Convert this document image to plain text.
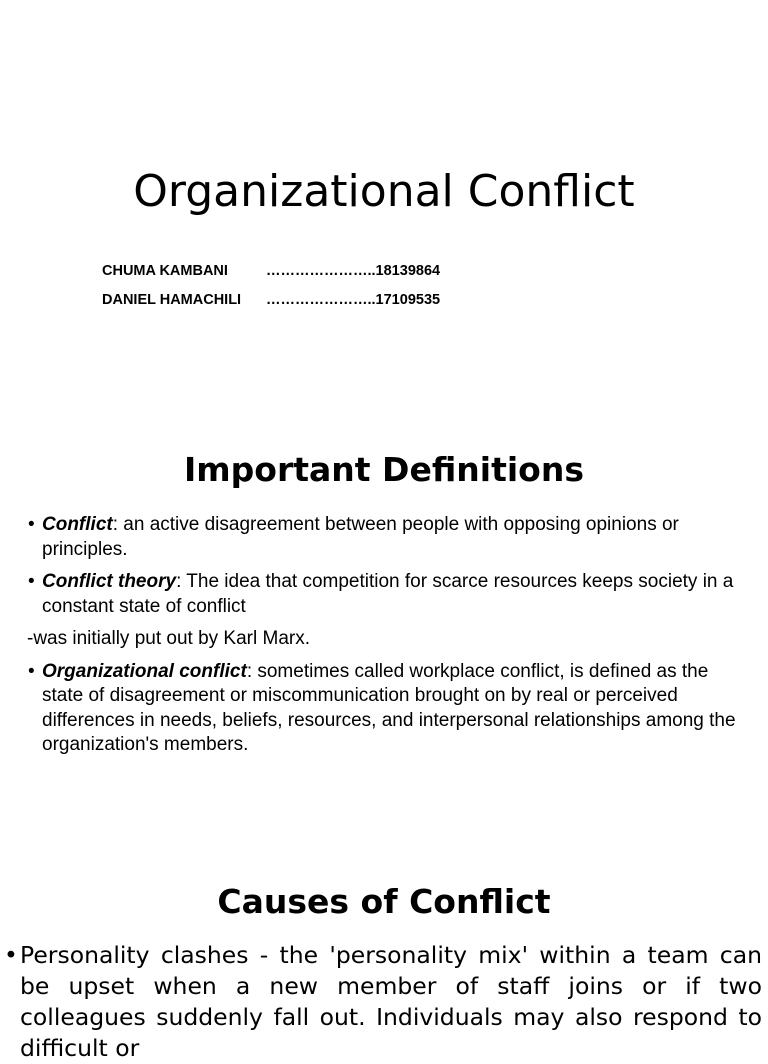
Organizational Conflict
CHUMA KAMBANI	…………………..18139864
DANIEL HAMACHILI …………………..17109535
Important Definitions
• Conflict: an active disagreement between people with opposing opinions or principles.
• Conflict theory: The idea that competition for scarce resources keeps society in a constant state of conflict
-was initially put out by Karl Marx.
• Organizational conflict: sometimes called workplace conflict, is defined as the state of disagreement or miscommunication brought on by real or perceived differences in needs, beliefs, resources, and interpersonal relationships among the organization's members.
Causes of Conflict
• Personality clashes - the 'personality mix' within a team can be upset when a new member of staff joins or if two colleagues suddenly fall out. Individuals may also respond to difficult or
